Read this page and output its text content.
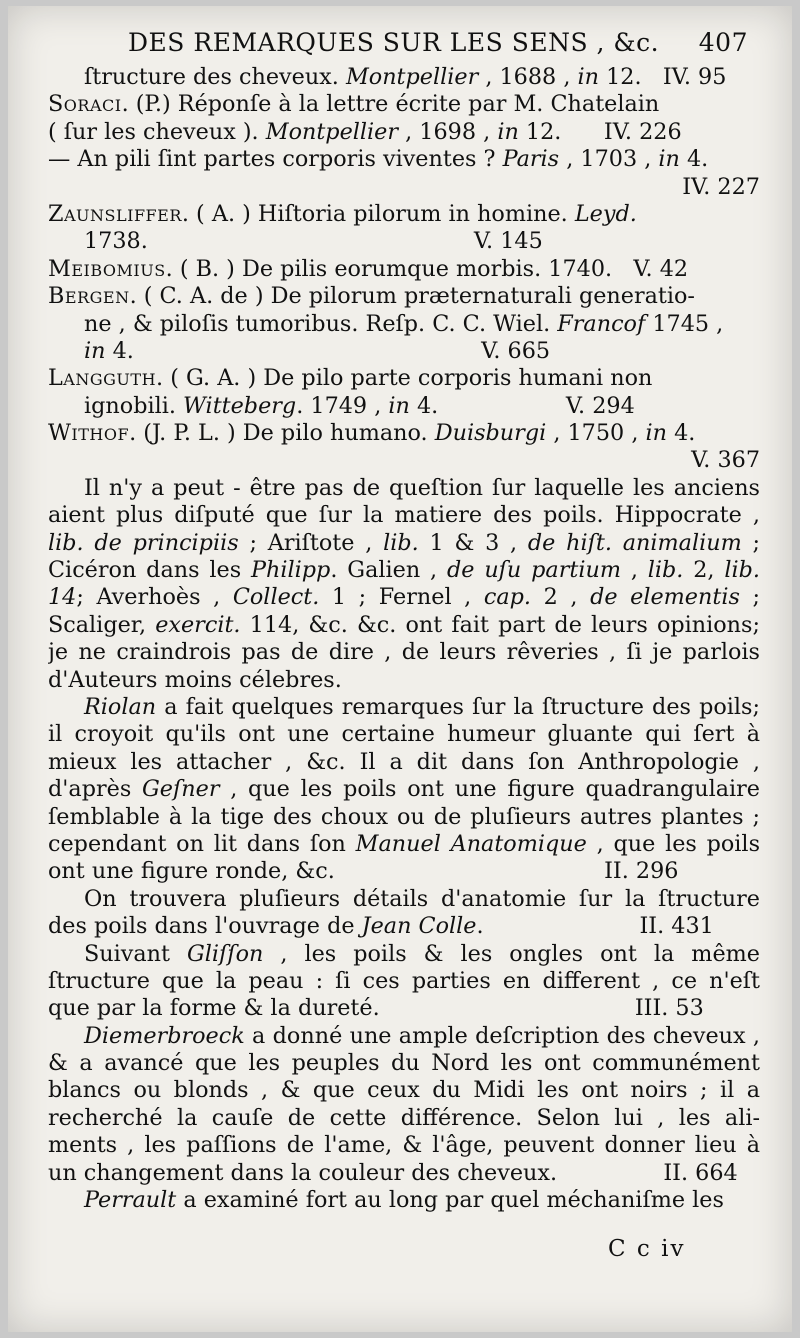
DES REMARQUES SUR LES SENS , &c. 407
ſtructure des cheveux. Montpellier , 1688 , in 12.   IV. 95
Soraci. (P.) Réponſe à la lettre écrite par M. Chatelain
( ſur les cheveux ). Montpellier , 1698 , in 12.      IV. 226
— An pili ſint partes corporis viventes ? Paris , 1703 , in 4.
IV. 227
Zaunsliffer. ( A. ) Hiſtoria pilorum in homine. Leyd.
1738.                                              V. 145
Meibomius. ( B. ) De pilis eorumque morbis. 1740.   V. 42
Bergen. ( C. A. de ) De pilorum præternaturali generatio-
ne , & piloſis tumoribus. Reſp. C. C. Wiel. Francof 1745 ,
in 4.                                                 V. 665
Langguth. ( G. A. ) De pilo parte corporis humani non
ignobili. Witteberg. 1749 , in 4.                  V. 294
Withof. (J. P. L. ) De pilo humano. Duisburgi , 1750 , in 4.
V. 367
Il n'y a peut - être pas de queſtion ſur laquelle les anciens
aient plus diſputé que ſur la matiere des poils. Hippocrate ,
lib. de principiis ; Ariſtote , lib. 1 & 3 , de hiſt. animalium ;
Cicéron dans les Philipp. Galien , de uſu partium , lib. 2, lib.
14; Averhoès , Collect. 1 ; Fernel , cap. 2 , de elementis ;
Scaliger, exercit. 114, &c. &c. ont fait part de leurs opinions;
je ne craindrois pas de dire , de leurs rêveries , ſi je parlois
d'Auteurs moins célebres.
Riolan a fait quelques remarques ſur la ſtructure des poils;
il croyoit qu'ils ont une certaine humeur gluante qui ſert à
mieux les attacher , &c. Il a dit dans ſon Anthropologie ,
d'après Geſner , que les poils ont une figure quadrangulaire
ſemblable à la tige des choux ou de pluſieurs autres plantes ;
cependant on lit dans ſon Manuel Anatomique , que les poils
ont une figure ronde, &c.                                      II. 296
On trouvera pluſieurs détails d'anatomie ſur la ſtructure
des poils dans l'ouvrage de Jean Colle.                      II. 431
Suivant Gliſſon , les poils & les ongles ont la même
ſtructure que la peau : ſi ces parties en different , ce n'eſt
que par la forme & la dureté.                                    III. 53
Diemerbroeck a donné une ample deſcription des cheveux ,
& a avancé que les peuples du Nord les ont communément
blancs ou blonds , & que ceux du Midi les ont noirs ; il a
recherché la cauſe de cette différence. Selon lui , les ali-
ments , les paſſions de l'ame, & l'âge, peuvent donner lieu à
un changement dans la couleur des cheveux.               II. 664
Perrault a examiné fort au long par quel méchaniſme les
C c iv
